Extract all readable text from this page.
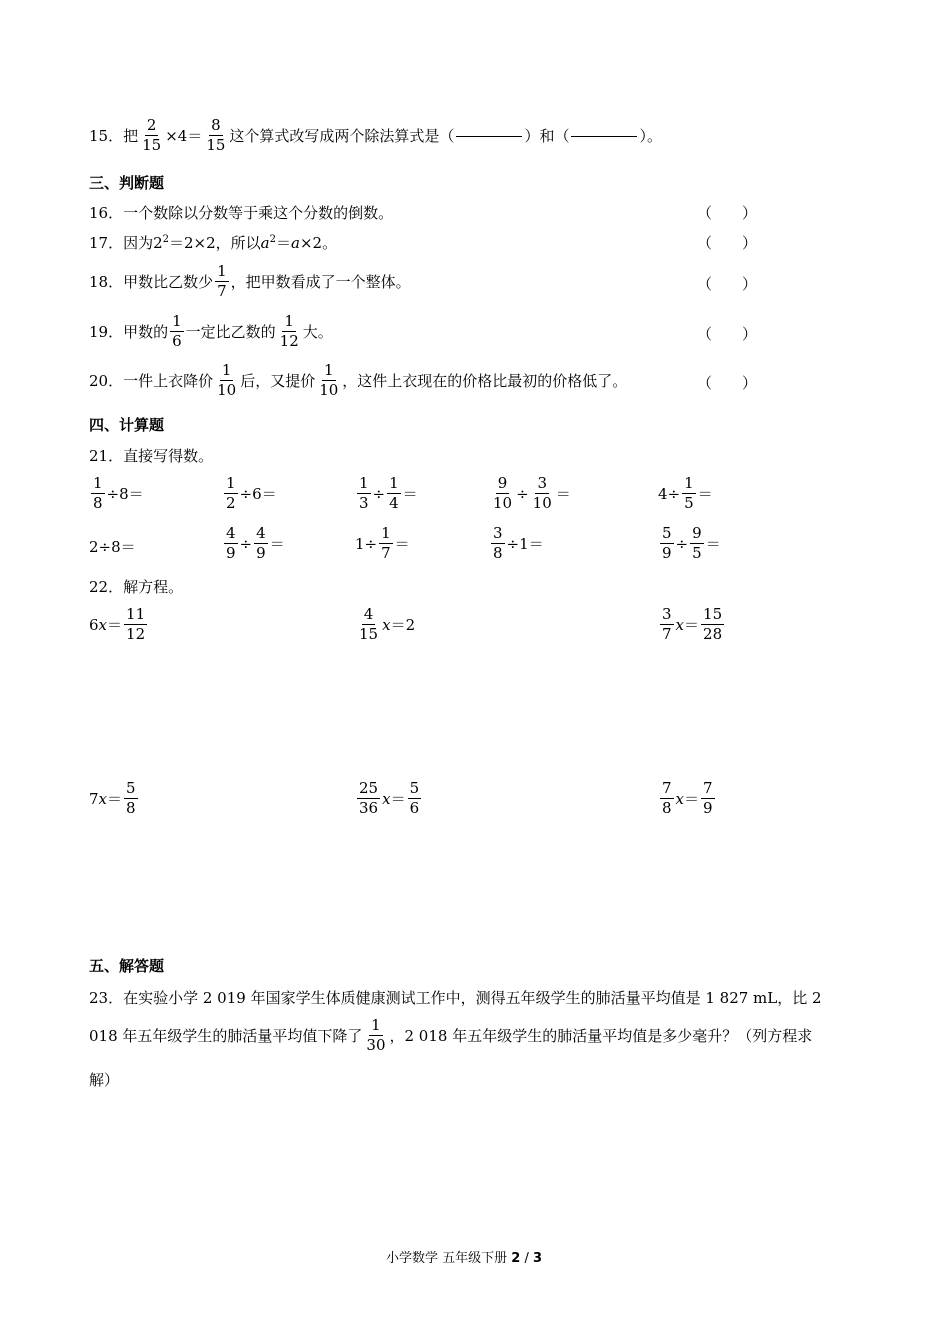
15． 把 $\frac{2}{15} \times 4= \frac{8}{15}$ 这个算式改写成两个除法算式是（	）和（	）。
三、判断题
16．一个数除以分数等于乘这个分数的倒数。	（　　）
17．因为$2^2=2\times 2$，所以$a^2=a\times 2$。	（　　）
18．甲数比乙数少 $\frac{1}{7}$ ，把甲数看成了一个整体。	（　　）
19．甲数的 $\frac{1}{6}$ 一定比乙数的 $\frac{1}{12}$ 大。	（　　）
20．一件上衣降价 $\frac{1}{10}$ 后，又提价 $\frac{1}{10}$ ，这件上衣现在的价格比最初的价格低了。	（　　）
四、计算题
21．直接写得数。
$\frac{1}{8} \div 8=$	$\frac{1}{2} \div 6=$	$\frac{1}{3} \div \frac{1}{4}$ ＝	$\frac{9}{10} \div \frac{3}{10}$ ＝	$4\div \frac{1}{5}$ ＝
2÷8＝	$\frac{4}{9} \div \frac{4}{9}$ ＝	$1\div \frac{1}{7}$ ＝	$\frac{3}{8} \div 1=$	$\frac{5}{9} \div \frac{9}{5}$ ＝
22．解方程。
6 $x = \frac{11}{12}$	$\frac{4}{15}$ x ＝2	$\frac{3}{7}$ $x = \frac{15}{28}$
7 $x = \frac{5}{8}$	$\frac{25}{36}$ $x = \frac{5}{6}$	$\frac{7}{8}$ $x = \frac{7}{9}$
五、解答题
23．在实验小学 2 019 年国家学生体质健康测试工作中，测得五年级学生的肺活量平均值是 1 827 mL，比 2
018 年五年级学生的肺活量平均值下降了 $\frac{1}{30}$ ，2 018 年五年级学生的肺活量平均值是多少毫升？（列方程求
解）
小学数学 五年级下册 2 / 3
